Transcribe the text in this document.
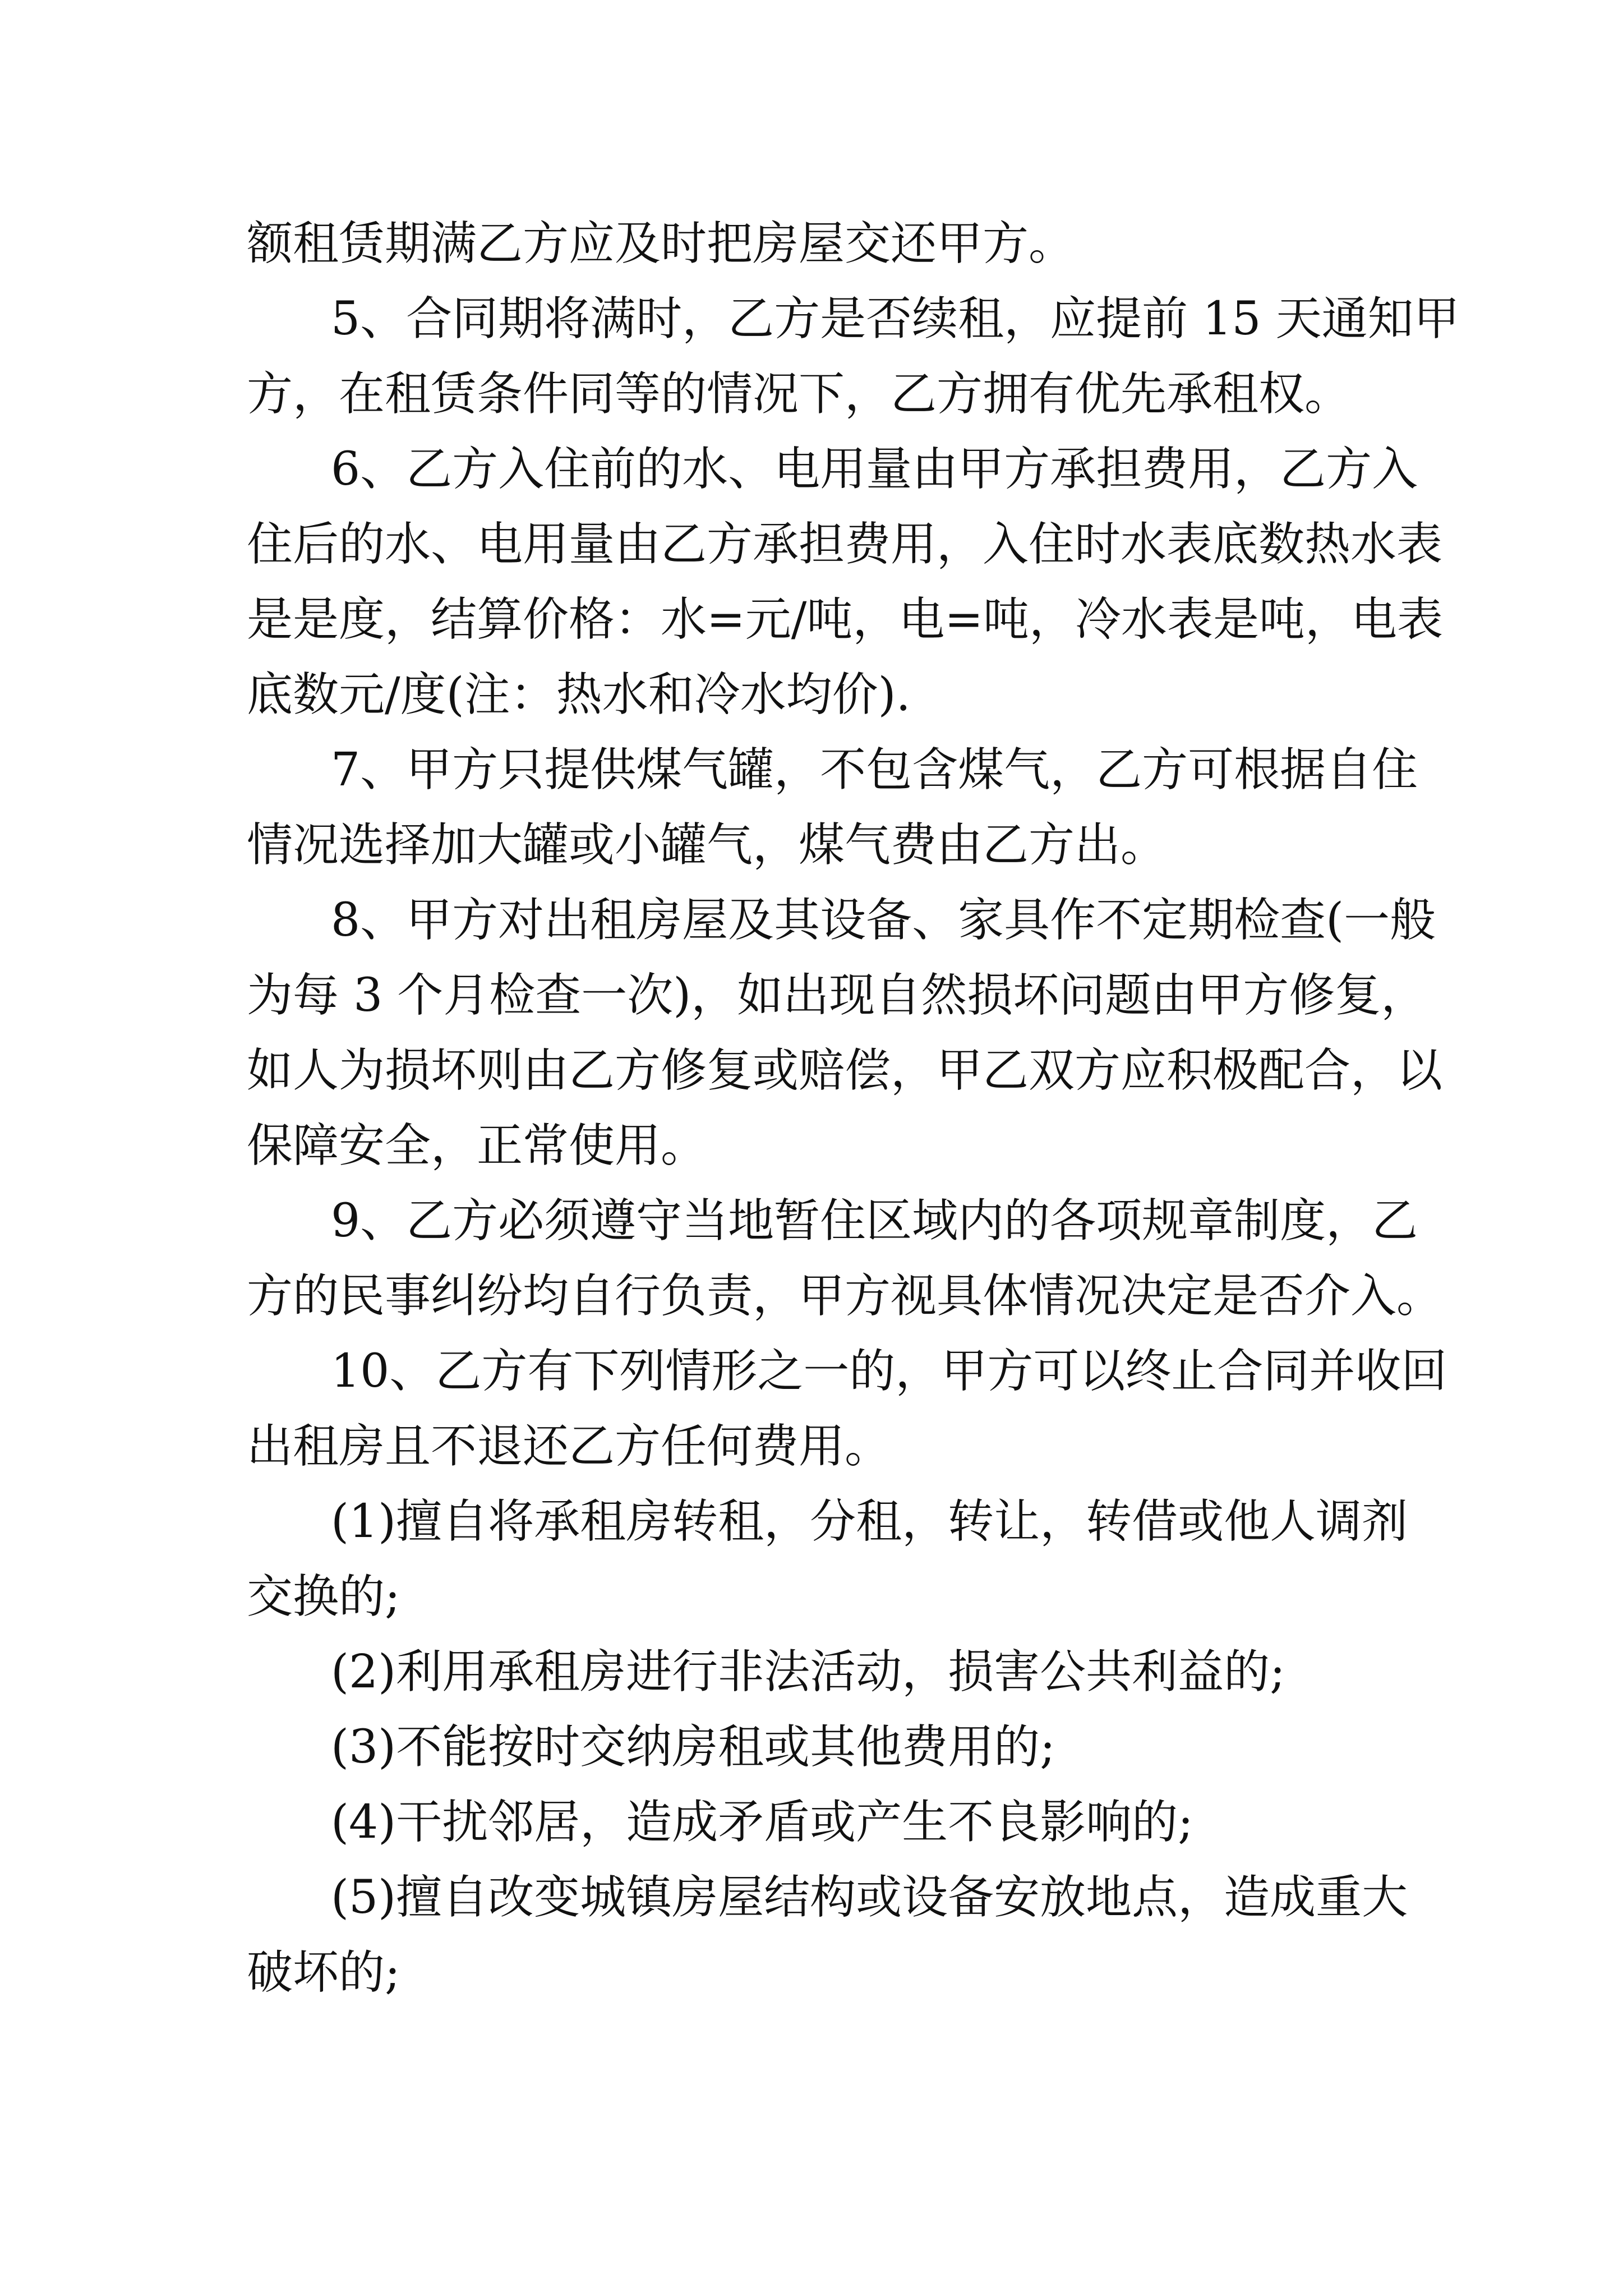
额租赁期满乙方应及时把房屋交还甲方。
5、合同期将满时，乙方是否续租，应提前 15 天通知甲
方，在租赁条件同等的情况下，乙方拥有优先承租权。
6、乙方入住前的水、电用量由甲方承担费用，乙方入
住后的水、电用量由乙方承担费用，入住时水表底数热水表
是是度，结算价格：水=元/吨，电=吨，冷水表是吨，电表
底数元/度(注：热水和冷水均价).
7、甲方只提供煤气罐，不包含煤气，乙方可根据自住
情况选择加大罐或小罐气，煤气费由乙方出。
8、甲方对出租房屋及其设备、家具作不定期检查(一般
为每 3 个月检查一次)，如出现自然损坏问题由甲方修复，
如人为损坏则由乙方修复或赔偿，甲乙双方应积极配合，以
保障安全，正常使用。
9、乙方必须遵守当地暂住区域内的各项规章制度，乙
方的民事纠纷均自行负责，甲方视具体情况决定是否介入。
10、乙方有下列情形之一的，甲方可以终止合同并收回
出租房且不退还乙方任何费用。
(1)擅自将承租房转租，分租，转让，转借或他人调剂
交换的;
(2)利用承租房进行非法活动，损害公共利益的;
(3)不能按时交纳房租或其他费用的;
(4)干扰邻居，造成矛盾或产生不良影响的;
(5)擅自改变城镇房屋结构或设备安放地点，造成重大
破坏的;
